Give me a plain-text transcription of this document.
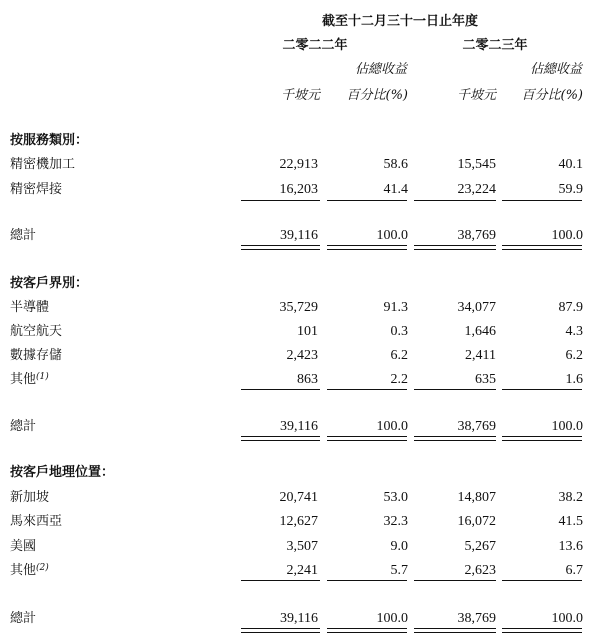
截至十二月三十一日止年度
二零二二年	二零二三年
佔總收益	佔總收益
千坡元	百分比(%)	千坡元	百分比(%)
按服務類別：
精密機加工	22,913	58.6	15,545	40.1
精密焊接	16,203	41.4	23,224	59.9
總計	39,116	100.0	38,769	100.0
按客戶界別：
半導體	35,729	91.3	34,077	87.9
航空航天	101	0.3	1,646	4.3
數據存儲	2,423	6.2	2,411	6.2
其他$^{(1)}$	863	2.2	635	1.6
總計	39,116	100.0	38,769	100.0
按客戶地理位置：
新加坡	20,741	53.0	14,807	38.2
馬來西亞	12,627	32.3	16,072	41.5
美國	3,507	9.0	5,267	13.6
其他$^{(2)}$	2,241	5.7	2,623	6.7
總計	39,116	100.0	38,769	100.0
